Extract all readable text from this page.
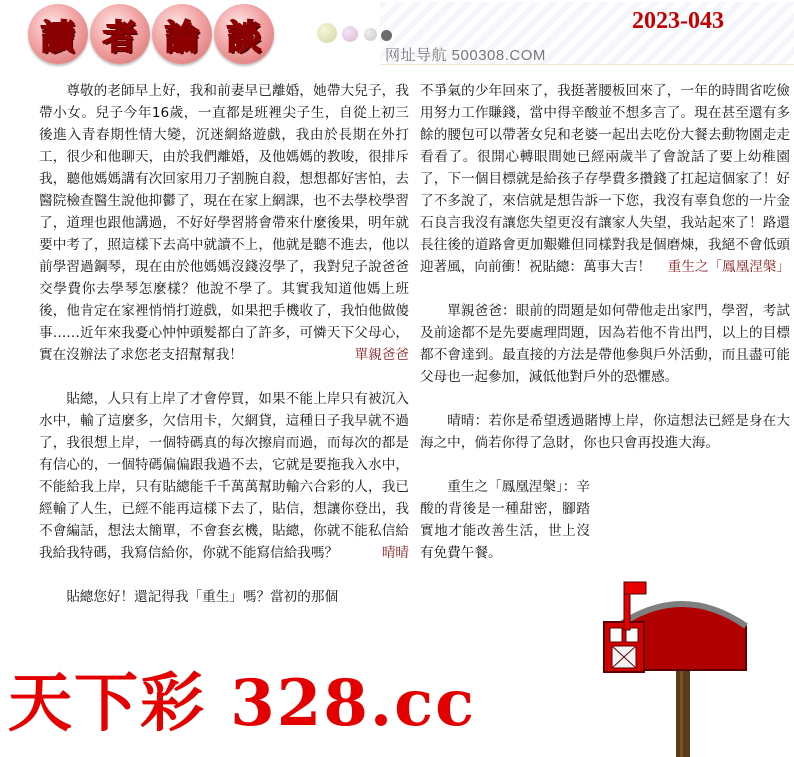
讀 者 論 談	网址导航 500308.COM
2023-043

尊敬的老師早上好，我和前妻早已離婚，她帶大兒子，我帶小女。兒子今年16歲，一直都是班裡尖子生，自從上初三後進入青春期性情大變，沉迷網絡遊戲，我由於長期在外打工，很少和他聊天，由於我們離婚，及他媽媽的教唆，很排斥我，聽他媽媽講有次回家用刀子割腕自殺，想想都好害怕，去醫院檢查醫生說他抑鬱了，現在在家上網課，也不去學校學習了，道理也跟他講過，不好好學習將會帶來什麼後果，明年就要中考了，照這樣下去高中就讀不上，他就是聽不進去，他以前學習過鋼琴，現在由於他媽媽沒錢沒學了，我對兒子說爸爸交學費你去學琴怎麼樣？他說不學了。其實我知道他媽上班後，他肯定在家裡悄悄打遊戲，如果把手機收了，我怕他做傻事……近年來我憂心忡忡頭髮都白了許多，可憐天下父母心，實在沒辦法了求您老支招幫幫我！	單親爸爸

貼總，人只有上岸了才會停買，如果不能上岸只有被沉入水中，輸了這麼多，欠信用卡，欠網貸，這種日子我早就不過了，我很想上岸，一個特碼真的每次擦肩而過，而每次的都是有信心的，一個特碼偏偏跟我過不去，它就是要拖我入水中，不能給我上岸，只有貼總能千千萬萬幫助輸六合彩的人，我已經輸了人生，已經不能再這樣下去了，貼信，想讓你登出，我不會編話，想法太簡單，不會套玄機，貼總，你就不能私信給我給我特碼，我寫信給你，你就不能寫信給我嗎？	晴晴

貼總您好！還記得我「重生」嗎？當初的那個

不爭氣的少年回來了，我挺著腰板回來了，一年的時間省吃儉用努力工作賺錢，當中得辛酸並不想多言了。現在甚至還有多餘的腰包可以帶著女兒和老婆一起出去吃份大餐去動物園走走看看了。很開心轉眼間她已經兩歲半了會說話了要上幼稚園了，下一個目標就是給孩子存學費多攢錢了扛起這個家了！好了不多說了，來信就是想告訴一下您，我沒有辜負您的一片金石良言我沒有讓您失望更沒有讓家人失望，我站起來了！路還長往後的道路會更加艱難但同樣對我是個磨煉，我絕不會低頭迎著風，向前衝！祝貼總：萬事大吉！ 重生之「鳳凰涅槃」

單親爸爸：眼前的問題是如何帶他走出家門，學習，考試及前途都不是先要處理問題，因為若他不肯出門，以上的目標都不會達到。最直接的方法是帶他參與戶外活動，而且盡可能父母也一起參加，減低他對戶外的恐懼感。

晴晴：若你是希望透過賭博上岸，你這想法已經是身在大海之中，倘若你得了急財，你也只會再投進大海。

重生之「鳳凰涅槃」：辛酸的背後是一種甜密，腳踏實地才能改善生活，世上沒有免費午餐。

天下彩 328.cc
